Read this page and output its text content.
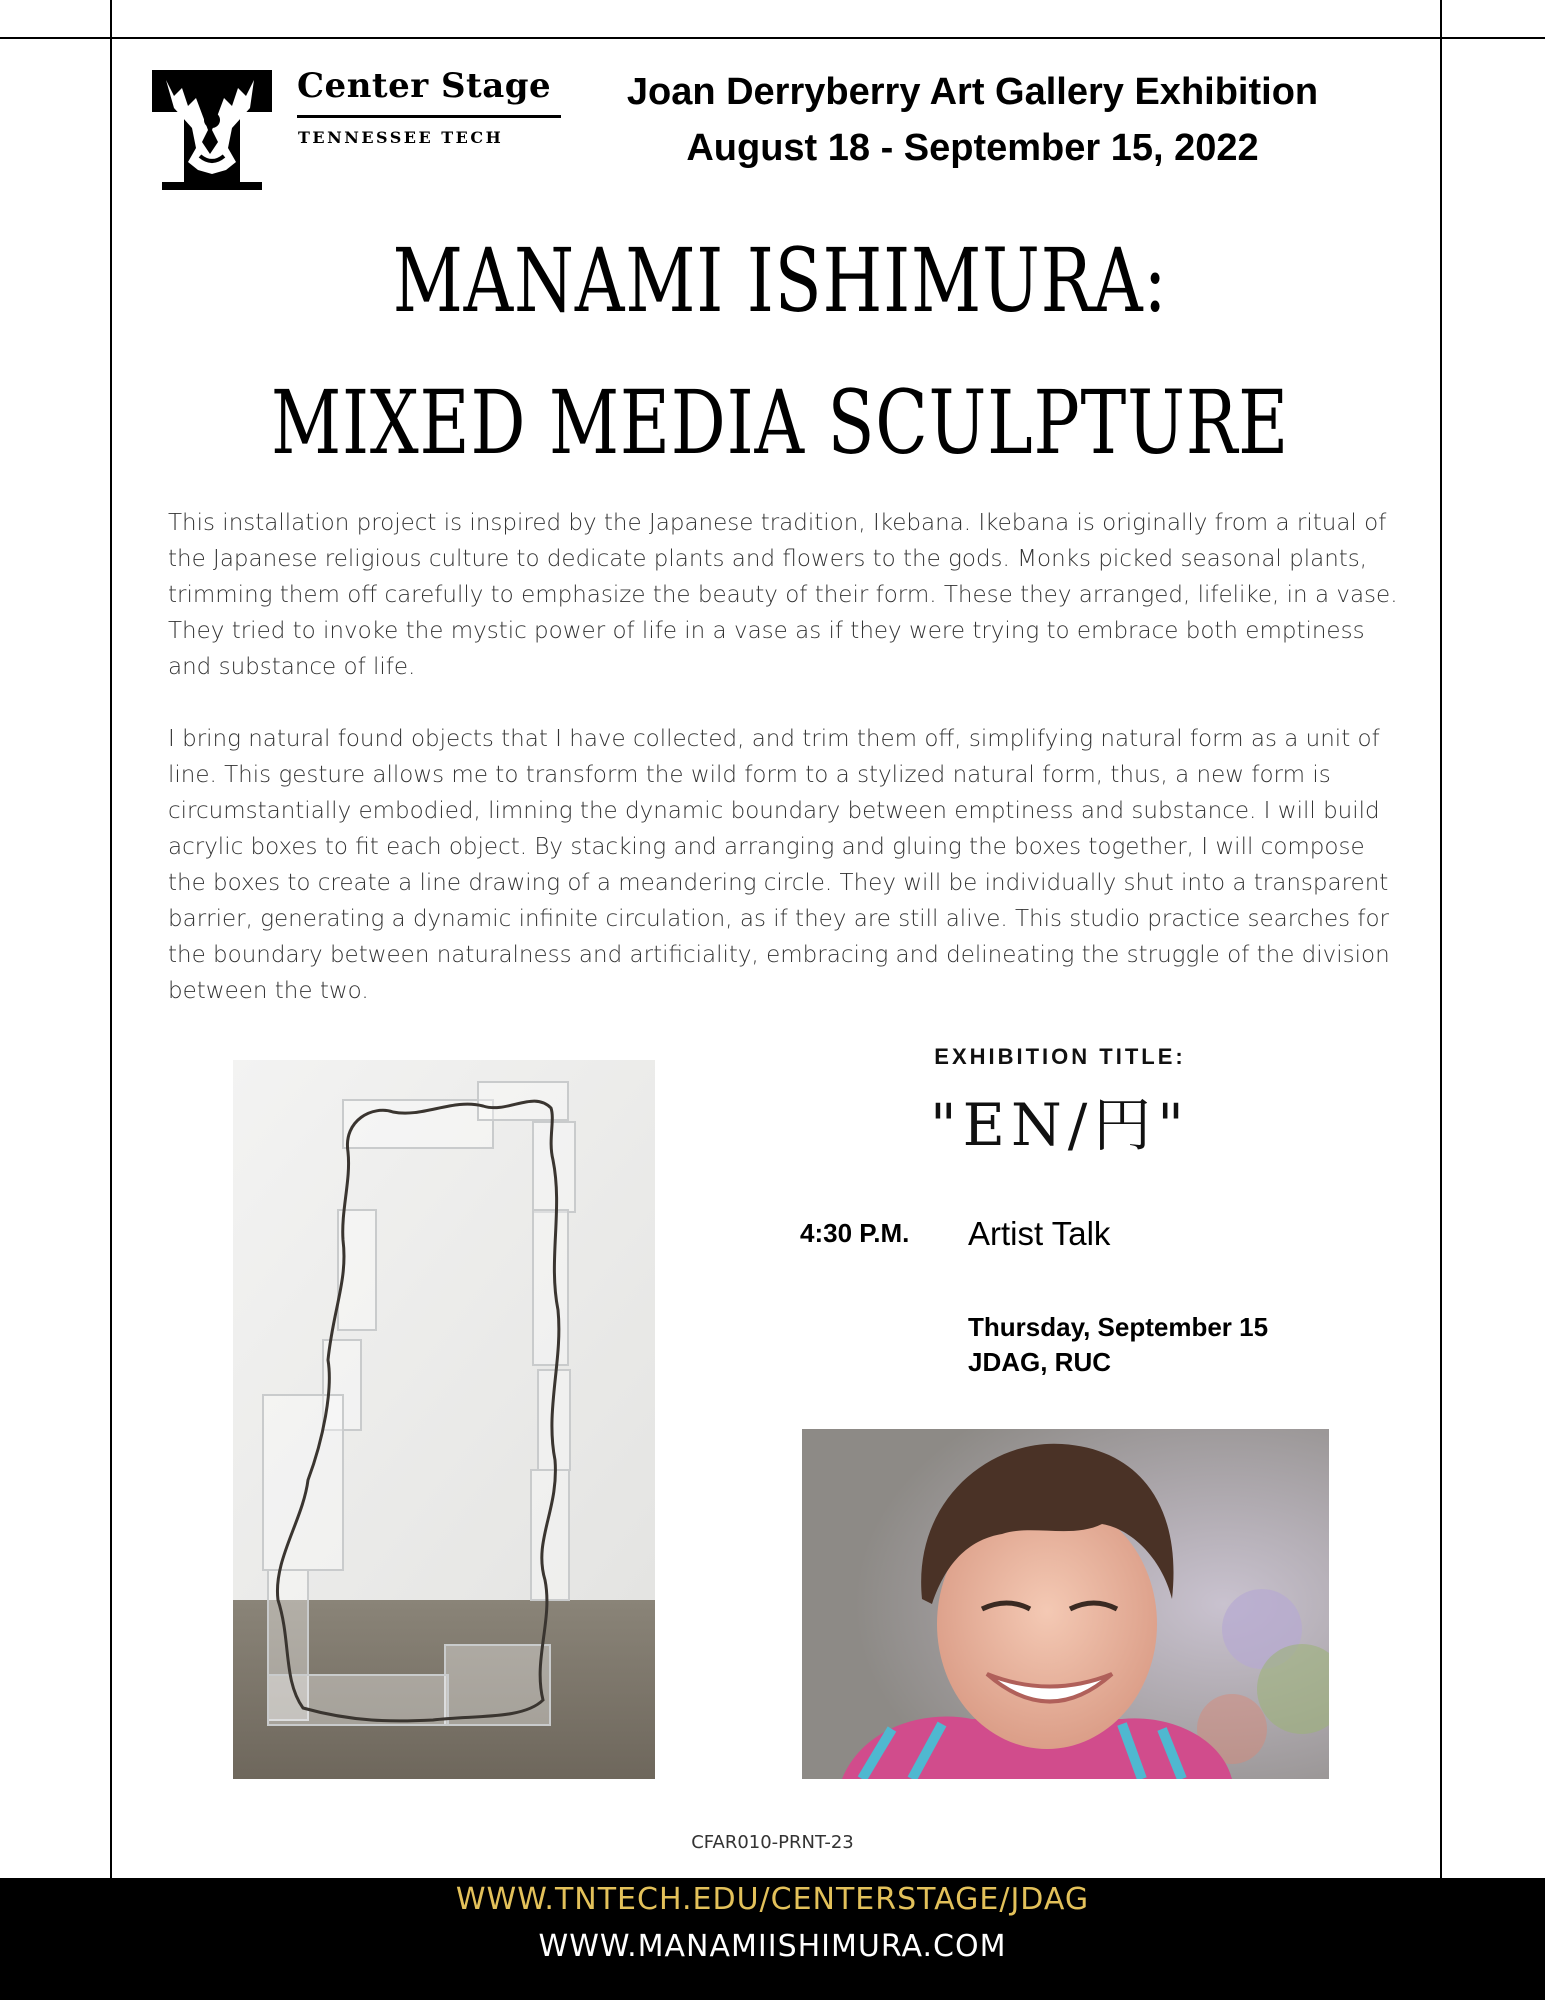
Center Stage
TENNESSEE TECH
Joan Derryberry Art Gallery Exhibition
August 18 - September 15, 2022
MANAMI ISHIMURA:
MIXED MEDIA SCULPTURE

This installation project is inspired by the Japanese tradition, Ikebana. Ikebana is originally from a ritual of the Japanese religious culture to dedicate plants and flowers to the gods. Monks picked seasonal plants, trimming them off carefully to emphasize the beauty of their form. These they arranged, lifelike, in a vase. They tried to invoke the mystic power of life in a vase as if they were trying to embrace both emptiness and substance of life.

I bring natural found objects that I have collected, and trim them off, simplifying natural form as a unit of line. This gesture allows me to transform the wild form to a stylized natural form, thus, a new form is circumstantially embodied, limning the dynamic boundary between emptiness and substance. I will build acrylic boxes to fit each object. By stacking and arranging and gluing the boxes together, I will compose the boxes to create a line drawing of a meandering circle. They will be individually shut into a transparent barrier, generating a dynamic infinite circulation, as if they are still alive. This studio practice searches for the boundary between naturalness and artificiality, embracing and delineating the struggle of the division between the two.

EXHIBITION TITLE:
"EN/円"
4:30 P.M. Artist Talk
Thursday, September 15
JDAG, RUC
CFAR010-PRNT-23
WWW.TNTECH.EDU/CENTERSTAGE/JDAG
WWW.MANAMIISHIMURA.COM
